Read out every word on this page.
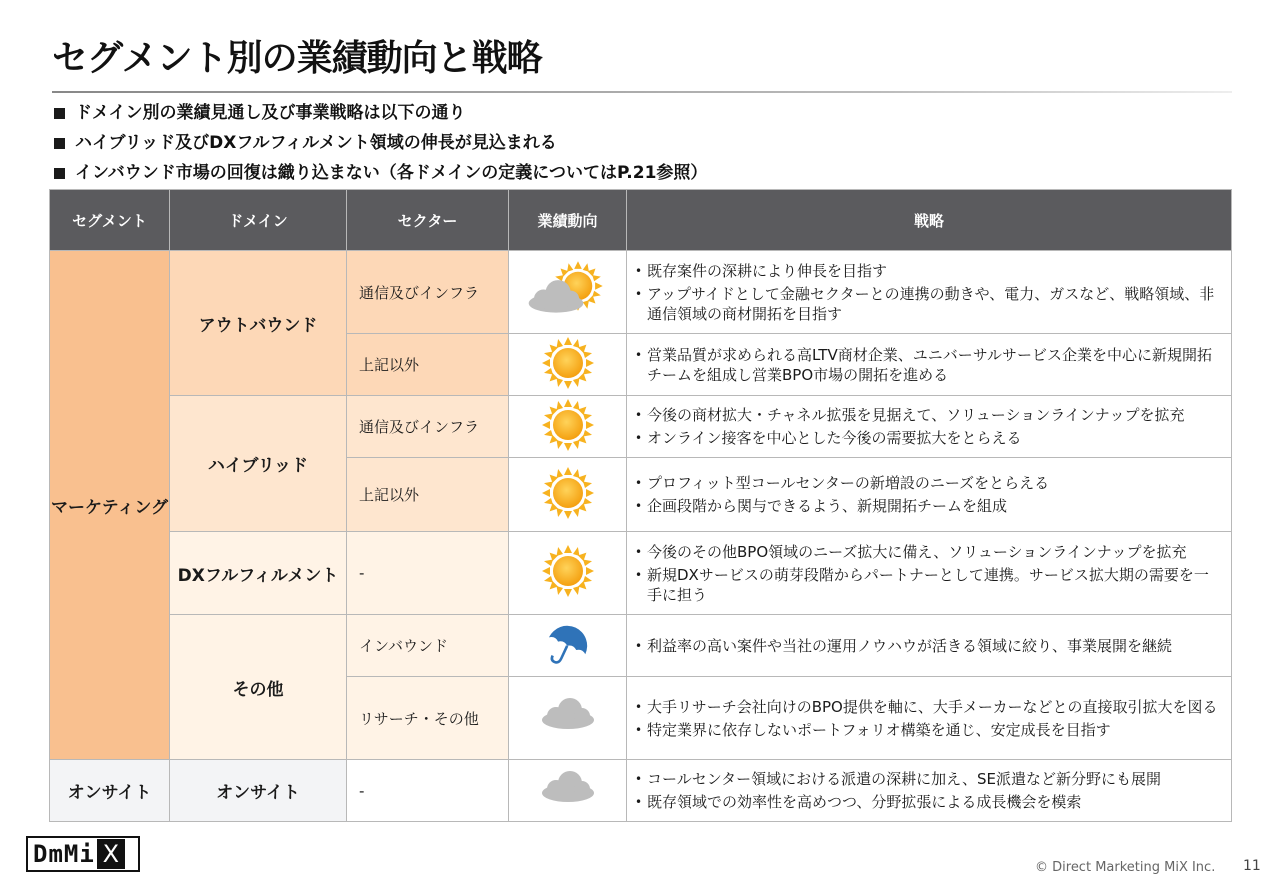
セグメント別の業績動向と戦略
ドメイン別の業績見通し及び事業戦略は以下の通り
ハイブリッド及びDXフルフィルメント領域の伸長が見込まれる
インバウンド市場の回復は織り込まない（各ドメインの定義についてはP.21参照）
セグメント	ドメイン	セクター	業績動向	戦略
マーケティング	アウトバウンド	通信及びインフラ		• 既存案件の深耕により伸長を目指す
• アップサイドとして金融セクターとの連携の動きや、電力、ガスなど、戦略領域、非通信領域の商材開拓を目指す

		上記以外		• 営業品質が求められる高LTV商材企業、ユニバーサルサービス企業を中心に新規開拓チームを組成し営業BPO市場の開拓を進める

	ハイブリッド	通信及びインフラ		• 今後の商材拡大・チャネル拡張を見据えて、ソリューションラインナップを拡充
• オンライン接客を中心とした今後の需要拡大をとらえる

		上記以外		• プロフィット型コールセンターの新増設のニーズをとらえる
• 企画段階から関与できるよう、新規開拓チームを組成

	DXフルフィルメント	-		• 今後のその他BPO領域のニーズ拡大に備え、ソリューションラインナップを拡充
• 新規DXサービスの萌芽段階からパートナーとして連携。サービス拡大期の需要を一手に担う

	その他	インバウンド		• 利益率の高い案件や当社の運用ノウハウが活きる領域に絞り、事業展開を継続

		リサーチ・その他		• 大手リサーチ会社向けのBPO提供を軸に、大手メーカーなどとの直接取引拡大を図る
• 特定業界に依存しないポートフォリオ構築を通じ、安定成長を目指す

オンサイト	オンサイト	-		• コールセンター領域における派遣の深耕に加え、SE派遣など新分野にも展開
• 既存領域での効率性を高めつつ、分野拡張による成長機会を模索
DmMi X	© Direct Marketing MiX Inc. 11
